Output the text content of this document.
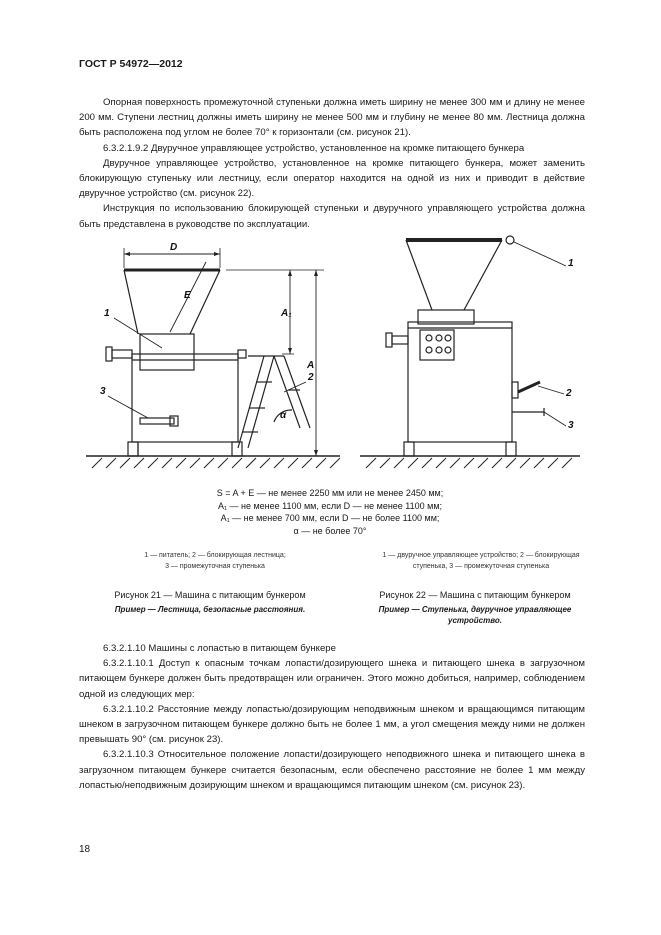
ГОСТ Р 54972—2012

Опорная поверхность промежуточной ступеньки должна иметь ширину не менее 300 мм и длину не менее 200 мм. Ступени лестниц должны иметь ширину не менее 500 мм и глубину не менее 80 мм. Лестница должна быть расположена под углом не более 70° к горизонтали (см. рисунок 21).

6.3.2.1.9.2 Двуручное управляющее устройство, установленное на кромке питающего бункера

Двуручное управляющее устройство, установленное на кромке питающего бункера, может заменить блокирующую ступеньку или лестницу, если оператор находится на одной из них и приводит в действие двуручное устройство (см. рисунок 22).

Инструкция по использованию блокирующей ступеньки и двуручного управляющего устройства должна быть представлена в руководстве по эксплуатации.

D
E
A₁
A
α
1
2
3
1
2
3
S = A + E — не менее 2250 мм или не менее 2450 мм;
A₁ — не менее 1100 мм, если D — не менее 1100 мм;
A₁ — не менее 700 мм, если D — не более 1100 мм;
α — не более 70°
1 — питатель; 2 — блокирующая лестница;
3 — промежуточная ступенька
1 — двуручное управляющее устройство; 2 — блокирующая
ступенька, 3 — промежуточная ступенька
Рисунок 21 — Машина с питающим бункером	Рисунок 22 — Машина с питающим бункером
Пример — Лестница, безопасные расстояния.	Пример — Ступенька, двуручное управляющее
устройство.

6.3.2.1.10 Машины с лопастью в питающем бункере

6.3.2.1.10.1 Доступ к опасным точкам лопасти/дозирующего шнека и питающего шнека в загрузочном питающем бункере должен быть предотвращен или ограничен. Этого можно добиться, например, соблюдением одной из следующих мер:

6.3.2.1.10.2 Расстояние между лопастью/дозирующим неподвижным шнеком и вращающимся питающим шнеком в загрузочном питающем бункере должно быть не более 1 мм, а угол смещения между ними не должен превышать 90° (см. рисунок 23).

6.3.2.1.10.3 Относительное положение лопасти/дозирующего неподвижного шнека и питающего шнека в загрузочном питающем бункере считается безопасным, если обеспечено расстояние не более 1 мм между лопастью/неподвижным дозирующим шнеком и вращающимся питающим шнеком (см. рисунок 23).

18
